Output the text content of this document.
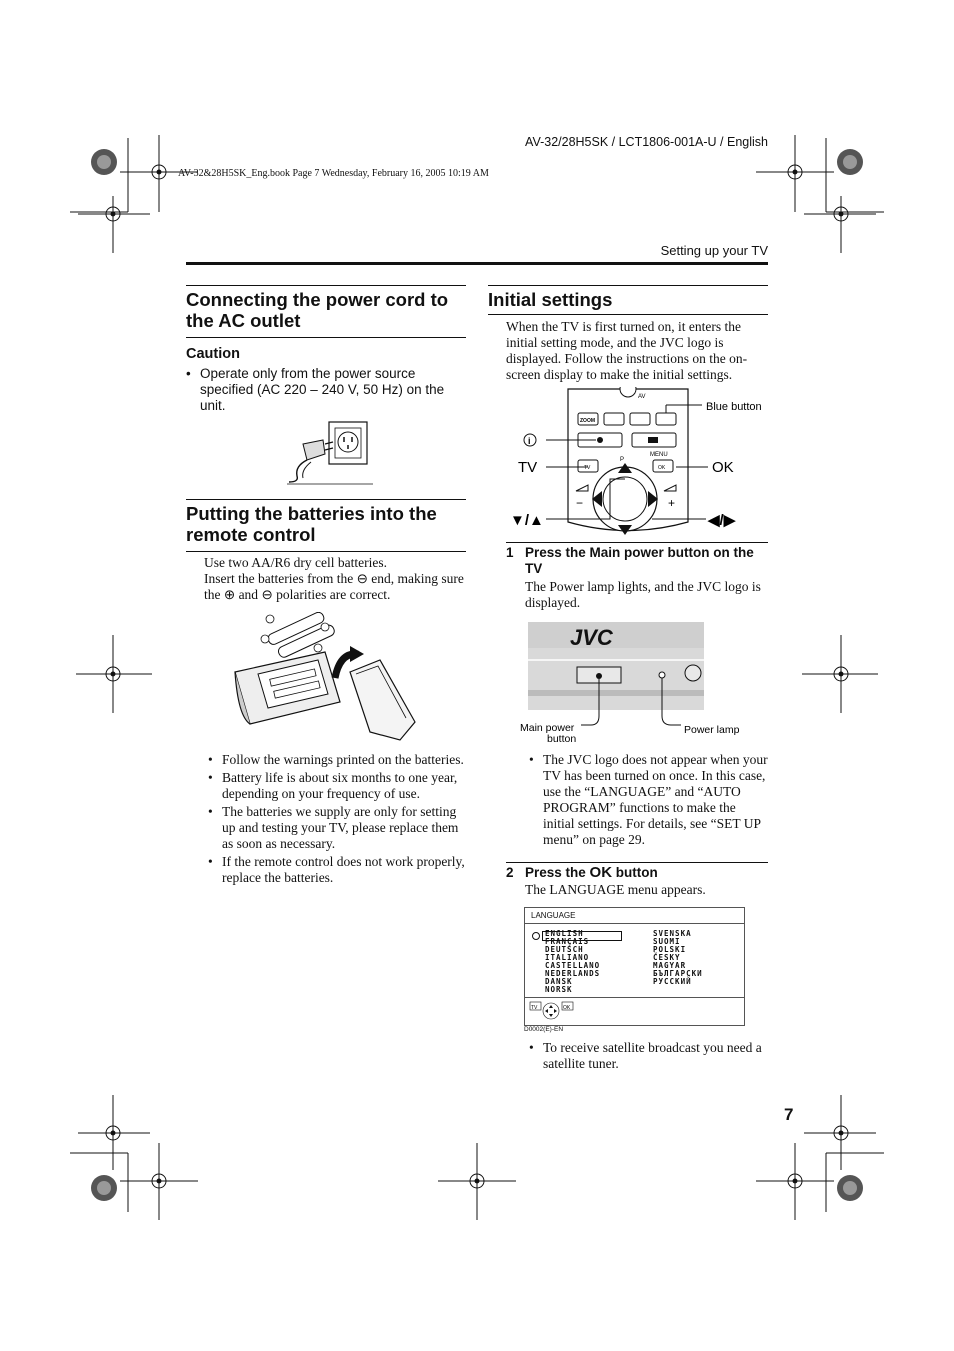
AV-32/28H5SK / LCT1806-001A-U / English
AV-32&28H5SK_Eng.book Page 7 Wednesday, February 16, 2005 10:19 AM
Setting up your TV
Connecting the power cord to the AC outlet
Caution
• Operate only from the power source specified (AC 220 – 240 V, 50 Hz) on the unit.
Putting the batteries into the remote control
Use two AA/R6 dry cell batteries.
Insert the batteries from the ⊖ end, making sure the ⊕ and ⊖ polarities are correct.
• Follow the warnings printed on the batteries.
• Battery life is about six months to one year, depending on your frequency of use.
• The batteries we supply are only for setting up and testing your TV, please replace them as soon as necessary.
• If the remote control does not work properly, replace the batteries.
Initial settings
When the TV is first turned on, it enters the initial setting mode, and the JVC logo is displayed. Follow the instructions on the on-screen display to make the initial settings.
AV
ZOOM
MENU
P
TV	OK
−	+
Blue button
i
TV	OK
▼/▲	◀/▶
1 Press the Main power button on the TV
The Power lamp lights, and the JVC logo is displayed.
JVC
Main power
button
Power lamp
• The JVC logo does not appear when your TV has been turned on once. In this case, use the “LANGUAGE” and “AUTO PROGRAM” functions to make the initial settings. For details, see “SET UP menu” on page 29.
2 Press the OK button
The LANGUAGE menu appears.
LANGUAGE
ENGLISH
FRANÇAIS
DEUTSCH
ITALIANO
CASTELLANO
NEDERLANDS
DANSK
NORSK
SVENSKA
SUOMI
POLSKI
ČESKY
MAGYAR
БЪЛГАРСКИ
РУССКИЙ
TV	OK
D0002(E)-EN
• To receive satellite broadcast you need a satellite tuner.
7
